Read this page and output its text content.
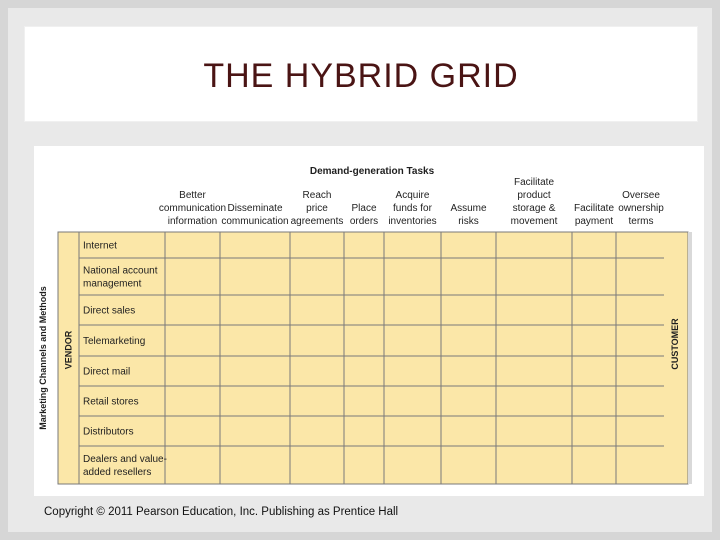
THE HYBRID GRID
Demand-generation Tasks
Better
communication
information
Disseminate
communication
Reach
price
agreements
Place
orders
Acquire
funds for
inventories
Assume
risks
Facilitate
product
storage &
movement
Facilitate
payment
Oversee
ownership
terms
Internet
National account
management
Direct sales
Telemarketing
Direct mail
Retail stores
Distributors
Dealers and value-
added resellers
Marketing Channels and Methods VENDOR	CUSTOMER
Copyright © 2011 Pearson Education, Inc. Publishing as Prentice Hall
